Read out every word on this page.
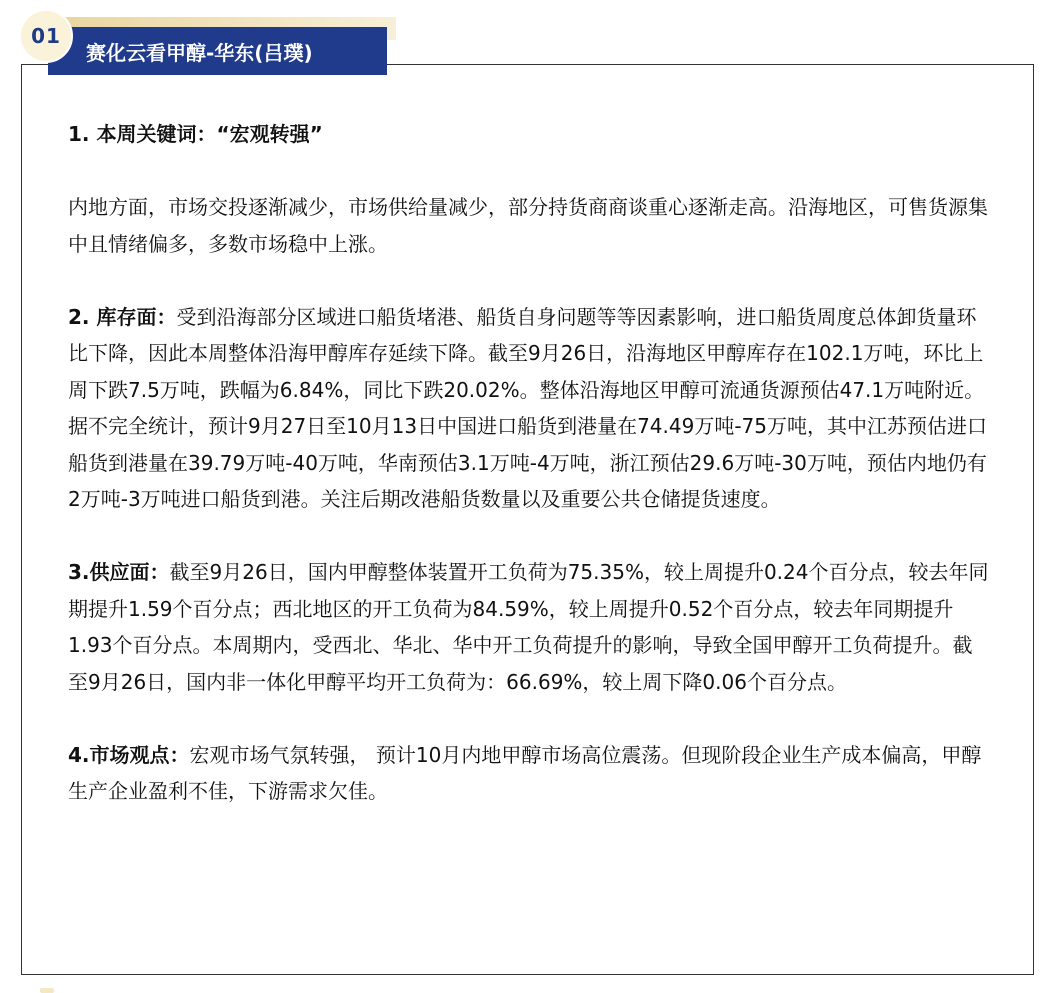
01
赛化云看甲醇-华东(吕璞)

1. 本周关键词：“宏观转强”

内地方面，市场交投逐渐减少，市场供给量减少，部分持货商商谈重心逐渐走高。沿海地区，可售货源集中且情绪偏多，多数市场稳中上涨。

2. 库存面：受到沿海部分区域进口船货堵港、船货自身问题等等因素影响，进口船货周度总体卸货量环比下降，因此本周整体沿海甲醇库存延续下降。截至9月26日，沿海地区甲醇库存在102.1万吨，环比上周下跌7.5万吨，跌幅为6.84%，同比下跌20.02%。整体沿海地区甲醇可流通货源预估47.1万吨附近。据不完全统计，预计9月27日至10月13日中国进口船货到港量在74.49万吨-75万吨，其中江苏预估进口船货到港量在39.79万吨-40万吨，华南预估3.1万吨-4万吨，浙江预估29.6万吨-30万吨，预估内地仍有2万吨-3万吨进口船货到港。关注后期改港船货数量以及重要公共仓储提货速度。

3.供应面：截至9月26日，国内甲醇整体装置开工负荷为75.35%，较上周提升0.24个百分点，较去年同期提升1.59个百分点；西北地区的开工负荷为84.59%，较上周提升0.52个百分点，较去年同期提升1.93个百分点。本周期内，受西北、华北、华中开工负荷提升的影响，导致全国甲醇开工负荷提升。截至9月26日，国内非一体化甲醇平均开工负荷为：66.69%，较上周下降0.06个百分点。

4.市场观点：宏观市场气氛转强， 预计10月内地甲醇市场高位震荡。但现阶段企业生产成本偏高，甲醇生产企业盈利不佳，下游需求欠佳。
